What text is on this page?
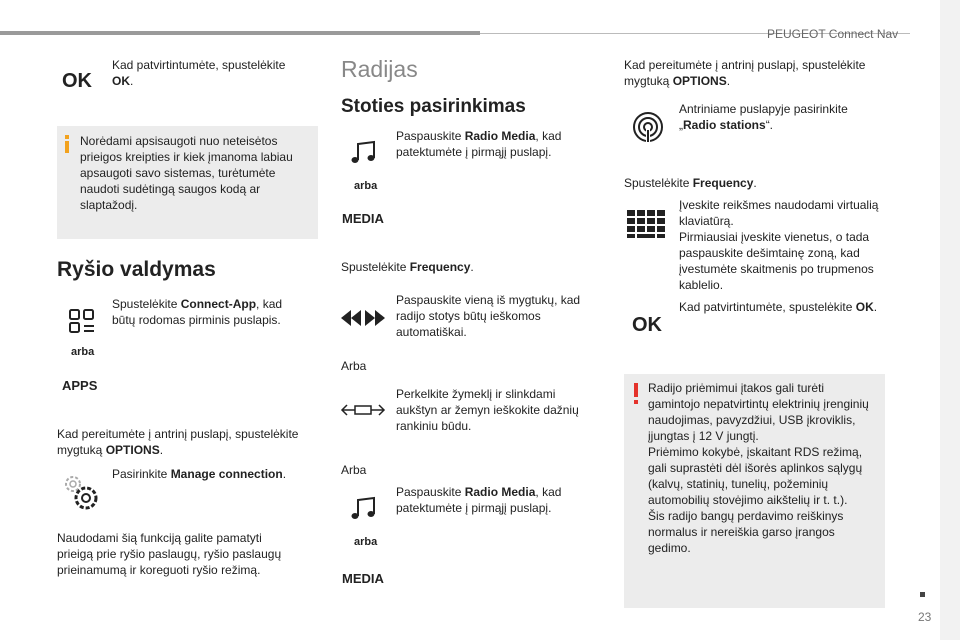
PEUGEOT Connect Nav
OK
Kad patvirtintumėte, spustelėkite OK.
Norėdami apsisaugoti nuo neteisėtos prieigos kreipties ir kiek įmanoma labiau apsaugoti savo sistemas, turėtumėte naudoti sudėtingą saugos kodą ar slaptažodį.
Ryšio valdymas
Spustelėkite Connect-App, kad būtų rodomas pirminis puslapis.
arba
APPS
Kad pereitumėte į antrinį puslapį, spustelėkite mygtuką OPTIONS.
Pasirinkite Manage connection.
Naudodami šią funkciją galite pamatyti prieigą prie ryšio paslaugų, ryšio paslaugų prieinamumą ir koreguoti ryšio režimą.
Radijas
Stoties pasirinkimas
Paspauskite Radio Media, kad patektumėte į pirmąjį puslapį.
arba
MEDIA
Spustelėkite Frequency.
Paspauskite vieną iš mygtukų, kad radijo stotys būtų ieškomos automatiškai.
Arba
Perkelkite žymeklį ir slinkdami aukštyn ar žemyn ieškokite dažnių rankiniu būdu.
Arba
Paspauskite Radio Media, kad patektumėte į pirmąjį puslapį.
arba
MEDIA
Kad pereitumėte į antrinį puslapį, spustelėkite mygtuką OPTIONS.
Antriniame puslapyje pasirinkite „Radio stations“.
Spustelėkite Frequency.
Įveskite reikšmes naudodami virtualią klaviatūrą.
Pirmiausiai įveskite vienetus, o tada paspauskite dešimtainę zoną, kad įvestumėte skaitmenis po trupmenos kablelio.
OK
Kad patvirtintumėte, spustelėkite OK.
Radijo priėmimui įtakos gali turėti gamintojo nepatvirtintų elektrinių įrenginių naudojimas, pavyzdžiui, USB įkroviklis, įjungtas į 12 V jungtį.
Priėmimo kokybė, įskaitant RDS režimą, gali suprastėti dėl išorės aplinkos sąlygų (kalvų, statinių, tunelių, požeminių automobilių stovėjimo aikštelių ir t. t.).
Šis radijo bangų perdavimo reiškinys normalus ir nereiškia garso įrangos gedimo.
23
